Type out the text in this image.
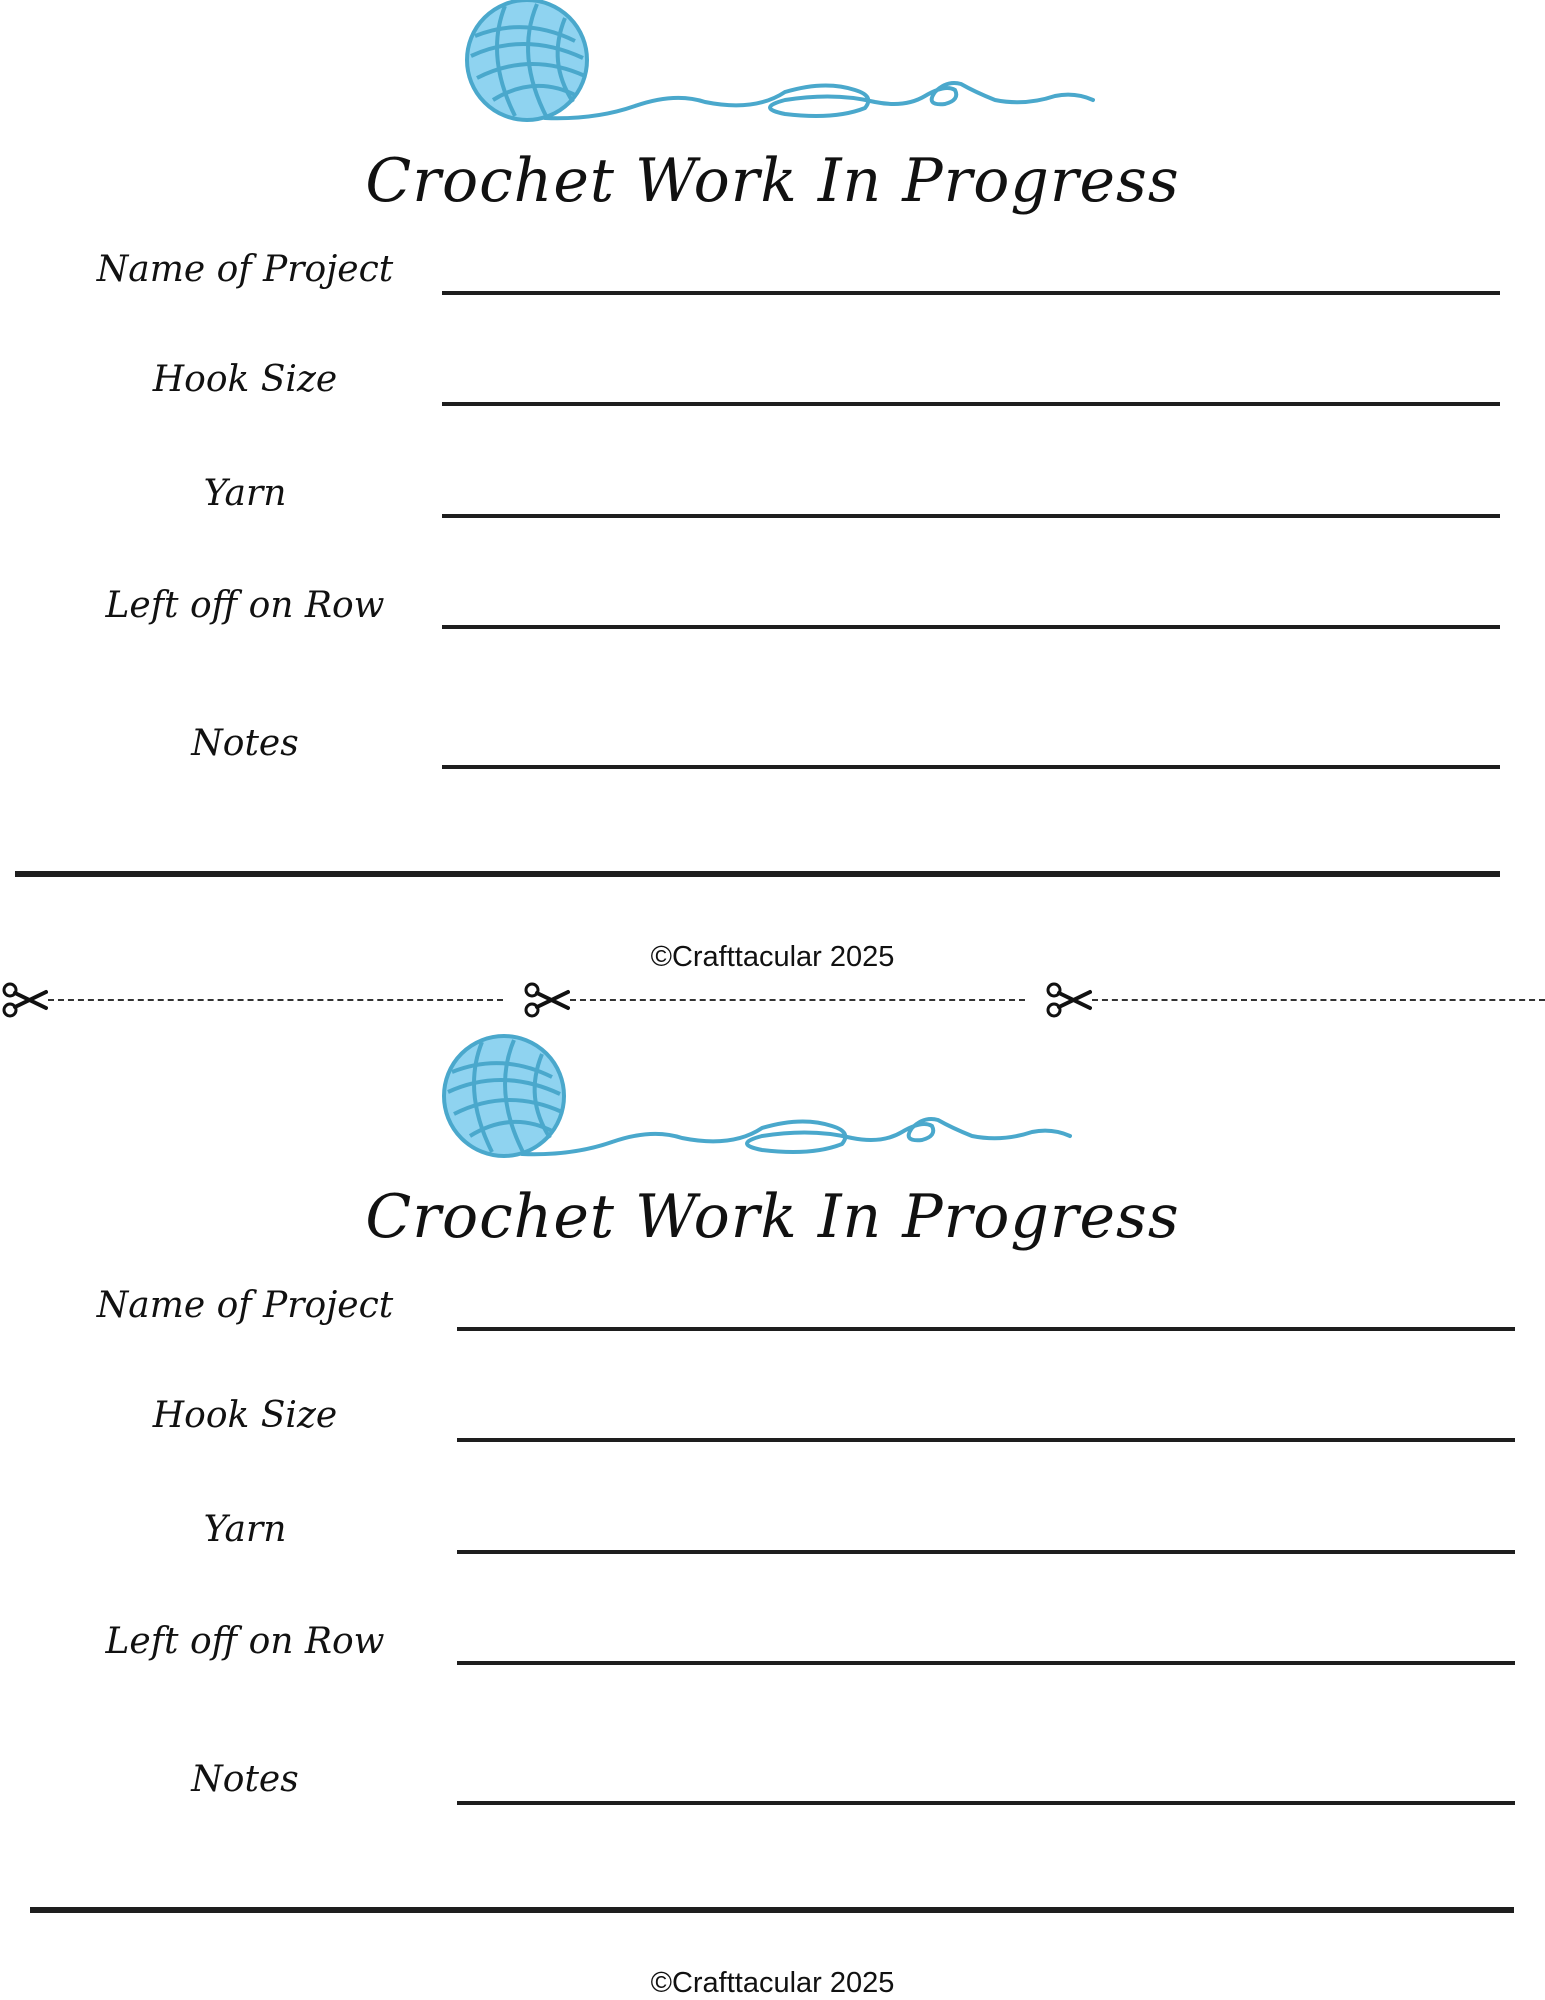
Crochet Work In Progress
Name of Project
Hook Size
Yarn
Left off on Row
Notes
©Crafttacular 2025
Crochet Work In Progress
Name of Project
Hook Size
Yarn
Left off on Row
Notes
©Crafttacular 2025
